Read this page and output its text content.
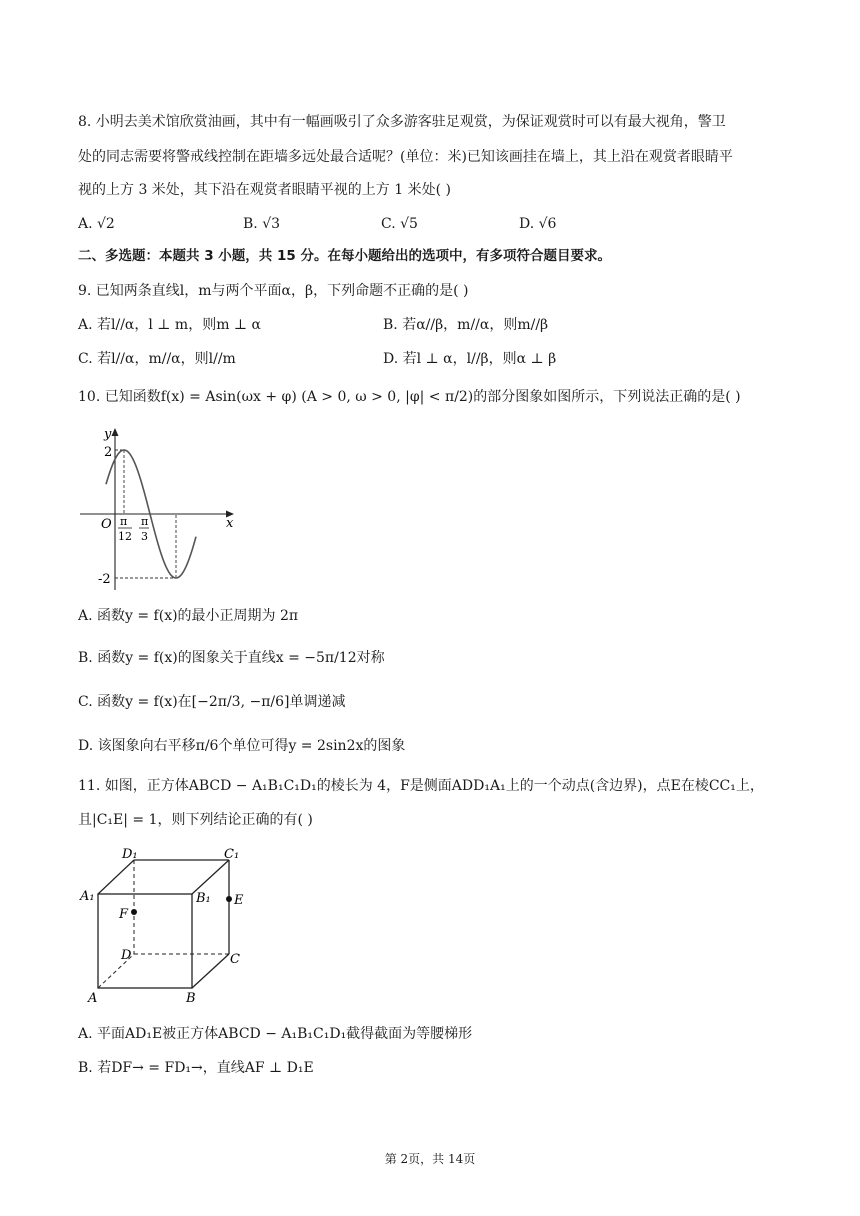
8. 小明去美术馆欣赏油画，其中有一幅画吸引了众多游客驻足观赏，为保证观赏时可以有最大视角，警卫
处的同志需要将警戒线控制在距墙多远处最合适呢？(单位：米)已知该画挂在墙上，其上沿在观赏者眼睛平
视的上方 3 米处，其下沿在观赏者眼睛平视的上方 1 米处( )
A. √2	B. √3	C. √5	D. √6
二、多选题：本题共 3 小题，共 15 分。在每小题给出的选项中，有多项符合题目要求。
9. 已知两条直线l，m与两个平面α，β，下列命题不正确的是( )
A. 若l//α，l ⊥ m，则m ⊥ α	B. 若α//β，m//α，则m//β
C. 若l//α，m//α，则l//m	D. 若l ⊥ α，l//β，则α ⊥ β
10. 已知函数f(x) = Asin(ωx + φ) (A > 0, ω > 0, |φ| < π/2)的部分图象如图所示，下列说法正确的是( )
y
x
O
2
-2
π
12
π
3
A. 函数y = f(x)的最小正周期为 2π
B. 函数y = f(x)的图象关于直线x = −5π/12对称
C. 函数y = f(x)在[−2π/3, −π/6]单调递减
D. 该图象向右平移π/6个单位可得y = 2sin2x的图象
11. 如图，正方体ABCD − A₁B₁C₁D₁的棱长为 4，F是侧面ADD₁A₁上的一个动点(含边界)，点E在棱CC₁上，
且|C₁E| = 1，则下列结论正确的有( )
D₁	C₁
A₁	B₁ E
F
D	C
A	B
A. 平面AD₁E被正方体ABCD − A₁B₁C₁D₁截得截面为等腰梯形
B. 若DF→ = FD₁→，直线AF ⊥ D₁E
第 2页，共 14页
